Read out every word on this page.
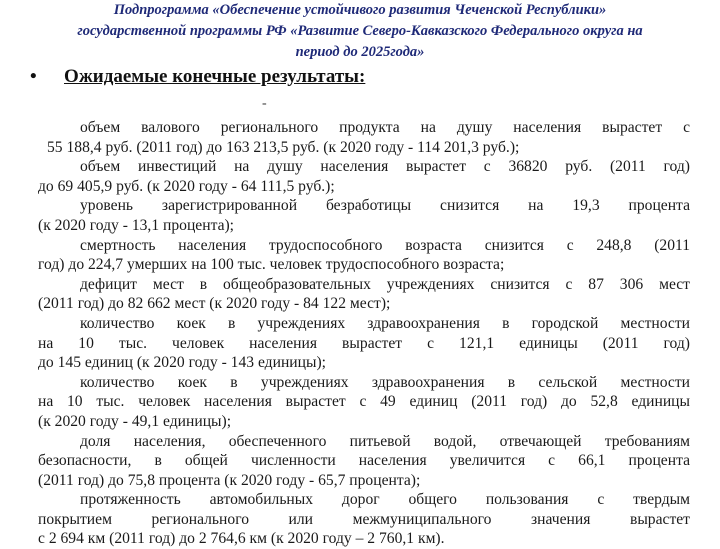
Подпрограмма «Обеспечение устойчивого развития Чеченской Республики»
государственной программы РФ «Развитие Северо-Кавказского Федерального округа на
период до 2025года»
• Ожидаемые конечные результаты:
-
объем валового регионального продукта на душу населения вырастет с
55 188,4 руб. (2011 год) до 163 213,5 руб. (к 2020 году - 114 201,3 руб.);
объем инвестиций на душу населения вырастет с 36820 руб. (2011 год)
до 69 405,9 руб. (к 2020 году - 64 111,5 руб.);
уровень зарегистрированной безработицы снизится на 19,3 процента
(к 2020 году - 13,1 процента);
смертность населения трудоспособного возраста снизится с 248,8 (2011
год) до 224,7 умерших на 100 тыс. человек трудоспособного возраста;
дефицит мест в общеобразовательных учреждениях снизится с 87 306 мест
(2011 год) до 82 662 мест (к 2020 году - 84 122 мест);
количество коек в учреждениях здравоохранения в городской местности
на 10 тыс. человек населения вырастет с 121,1 единицы (2011 год)
до 145 единиц (к 2020 году - 143 единицы);
количество коек в учреждениях здравоохранения в сельской местности
на 10 тыс. человек населения вырастет с 49 единиц (2011 год) до 52,8 единицы
(к 2020 году - 49,1 единицы);
доля населения, обеспеченного питьевой водой, отвечающей требованиям
безопасности, в общей численности населения увеличится с 66,1 процента
(2011 год) до 75,8 процента (к 2020 году - 65,7 процента);
протяженность автомобильных дорог общего пользования с твердым
покрытием регионального или межмуниципального значения вырастет
с 2 694 км (2011 год) до 2 764,6 км (к 2020 году – 2 760,1 км).
